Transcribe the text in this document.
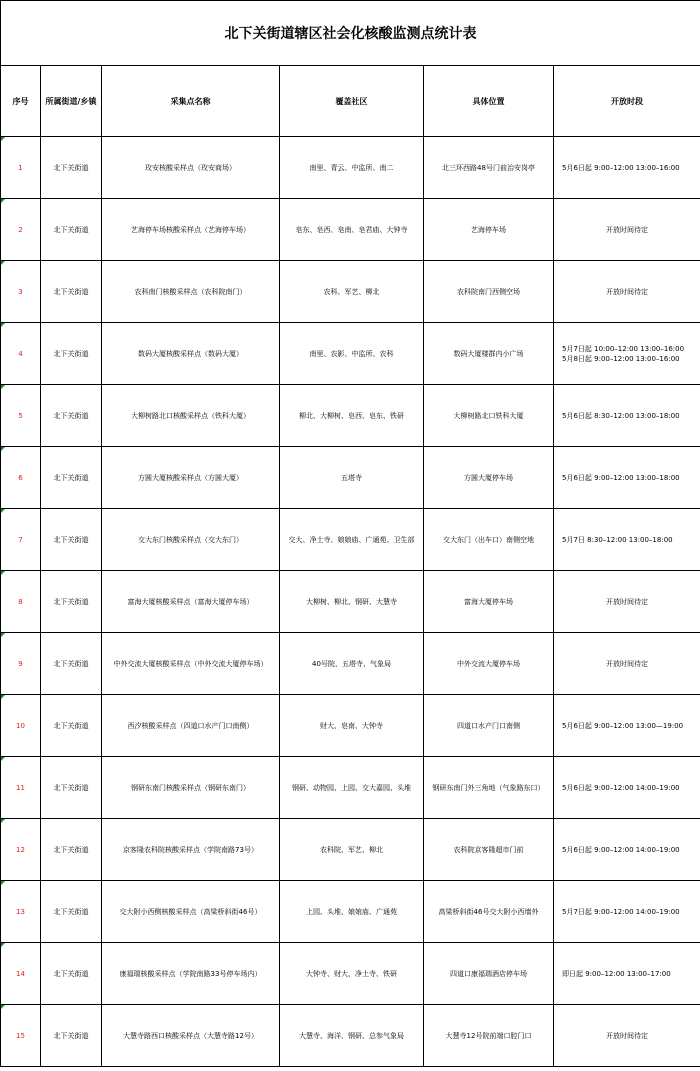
北下关街道辖区社会化核酸监测点统计表					
序号	所属街道/乡镇	采集点名称	覆盖社区	具体位置	开放时段
1	北下关街道	玫安核酸采样点（玫安商场）	南里、青云、中监所、南二	北三环西路48号门前治安岗亭	5月6日起 9:00–12:00 13:00–16:00

2	北下关街道	艺海停车场核酸采样点（艺海停车场）	皂东、皂西、皂南、皂君庙、大钟寺	艺海停车场	开放时间待定

3	北下关街道	农科南门核酸采样点（农科院南门）	农科、军艺、柳北	农科院南门西侧空场	开放时间待定

4	北下关街道	数码大厦核酸采样点（数码大厦）	南里、农影、中监所、农科	数码大厦楼群内小广场	5月7日起 10:00–12:00 13:00–16:00
5月8日起 9:00–12:00 13:00–16:00

5	北下关街道	大柳树路北口核酸采样点（铁科大厦）	柳北、大柳树、皂西、皂东、铁研	大柳树路北口铁科大厦	5月6日起 8:30–12:00 13:00–18:00

6	北下关街道	方圆大厦核酸采样点（方圆大厦）	五塔寺	方圆大厦停车场	5月6日起 9:00–12:00 13:00–18:00

7	北下关街道	交大东门核酸采样点（交大东门）	交大、净土寺、娘娘庙、广通苑、卫生部	交大东门（出车口）南侧空地	5月7日 8:30–12:00 13:00–18:00

8	北下关街道	富海大厦核酸采样点（富海大厦停车场）	大柳树、柳北、钢研、大慧寺	富海大厦停车场	开放时间待定

9	北下关街道	中外交流大厦核酸采样点（中外交流大厦停车场）	40号院、五塔寺、气象局	中外交流大厦停车场	开放时间待定

10	北下关街道	西汐核酸采样点（四道口水产门口南侧）	财大、皂南、大钟寺	四道口水产门口南侧	5月6日起 9:00–12:00 13:00—19:00

11	北下关街道	钢研东南门核酸采样点（钢研东南门）	钢研、动物园、上园、交大嘉园、头堆	钢研东南门外三角地（气象路东口）	5月6日起 9:00–12:00 14:00–19:00

12	北下关街道	京客隆农科院核酸采样点（学院南路73号）	农科院、军艺、柳北	农科院京客隆超市门前	5月6日起 9:00–12:00 14:00–19:00

13	北下关街道	交大附小西侧核酸采样点（高梁桥斜街46号）	上园、头堆、娘娘庙、广通苑	高梁桥斜街46号交大附小西墙外	5月7日起 9:00–12:00 14:00–19:00

14	北下关街道	康福瑞核酸采样点（学院南路33号停车场内）	大钟寺、财大、净土寺、铁研	四道口康福瑞酒店停车场	即日起 9:00–12:00 13:00–17:00

15	北下关街道	大慧寺路西口核酸采样点（大慧寺路12号）	大慧寺、海洋、钢研、总参气象局	大慧寺12号院前端口腔门口	开放时间待定
